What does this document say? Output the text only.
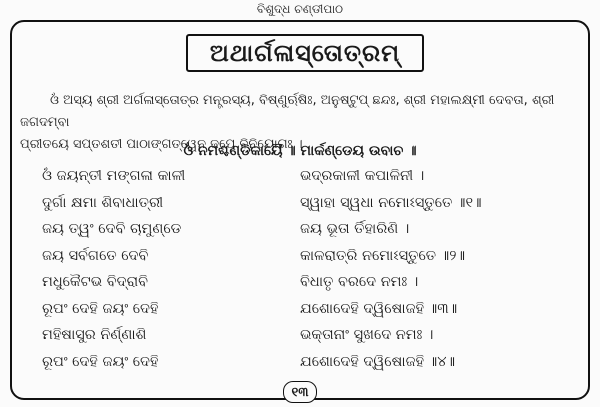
ବିଶୁଦ୍ଧ ଚଣ୍ଡୀପାଠ
ଅଥାର୍ଗଳାସ୍ତୋତ୍ରମ୍

ଓଁ ଅସ୍ୟ ଶ୍ରୀ ଅର୍ଗଳାସ୍ତୋତ୍ର ମନ୍ତ୍ରସ୍ୟ, ବିଷ୍ଣୁର୍ଋଷିଃ, ଅନୁଷ୍ଟୁପ୍ ଛନ୍ଦଃ, ଶ୍ରୀ ମହାଲକ୍ଷ୍ମୀ ଦେବତା, ଶ୍ରୀ ଜଗଦମ୍ବା

ପ୍ରୀତୟେ ସପ୍ତଶତୀ ପାଠାଙ୍ଗତ୍ୱେନ ଜପେ ବିନିୟୋଗଃ ।

ଓଁ ନମଶ୍ଚଣ୍ଡିକାୟୈ ॥ ମାର୍କଣ୍ଡେୟ ଉବାଚ ॥
ଓଁ ଜୟନ୍ତୀ ମଙ୍ଗଳା କାଳୀ	ଭଦ୍ରକାଳୀ କପାଳିନୀ ।
ଦୁର୍ଗା କ୍ଷମା ଶିବାଧାତ୍ରୀ	ସ୍ୱାହା ସ୍ୱଧା ନମୋଽସ୍ତୁତେ ॥୧॥
ଜୟ ତ୍ୱଂ ଦେବି ଚାମୁଣ୍ଡେ	ଜୟ ଭୂତା ର୍ତିହାରିଣି ।
ଜୟ ସର୍ବଗତେ ଦେବି	କାଳରାତ୍ରି ନମୋଽସ୍ତୁତେ ॥୨॥
ମଧୁକୈଟଭ ବିଦ୍ରାବି	ବିଧାତୃ ବରଦେ ନମଃ ।
ରୂପଂ ଦେହି ଜୟଂ ଦେହି	ଯଶୋଦେହି ଦ୍ୱିଷୋଜହି ॥୩॥
ମହିଷାସୁର ନିର୍ଣ୍ଣାଶି	ଭକ୍ତାନାଂ ସୁଖଦେ ନମଃ ।
ରୂପଂ ଦେହି ଜୟଂ ଦେହି	ଯଶୋଦେହି ଦ୍ୱିଷୋଜହି ॥୪॥
୧୩
